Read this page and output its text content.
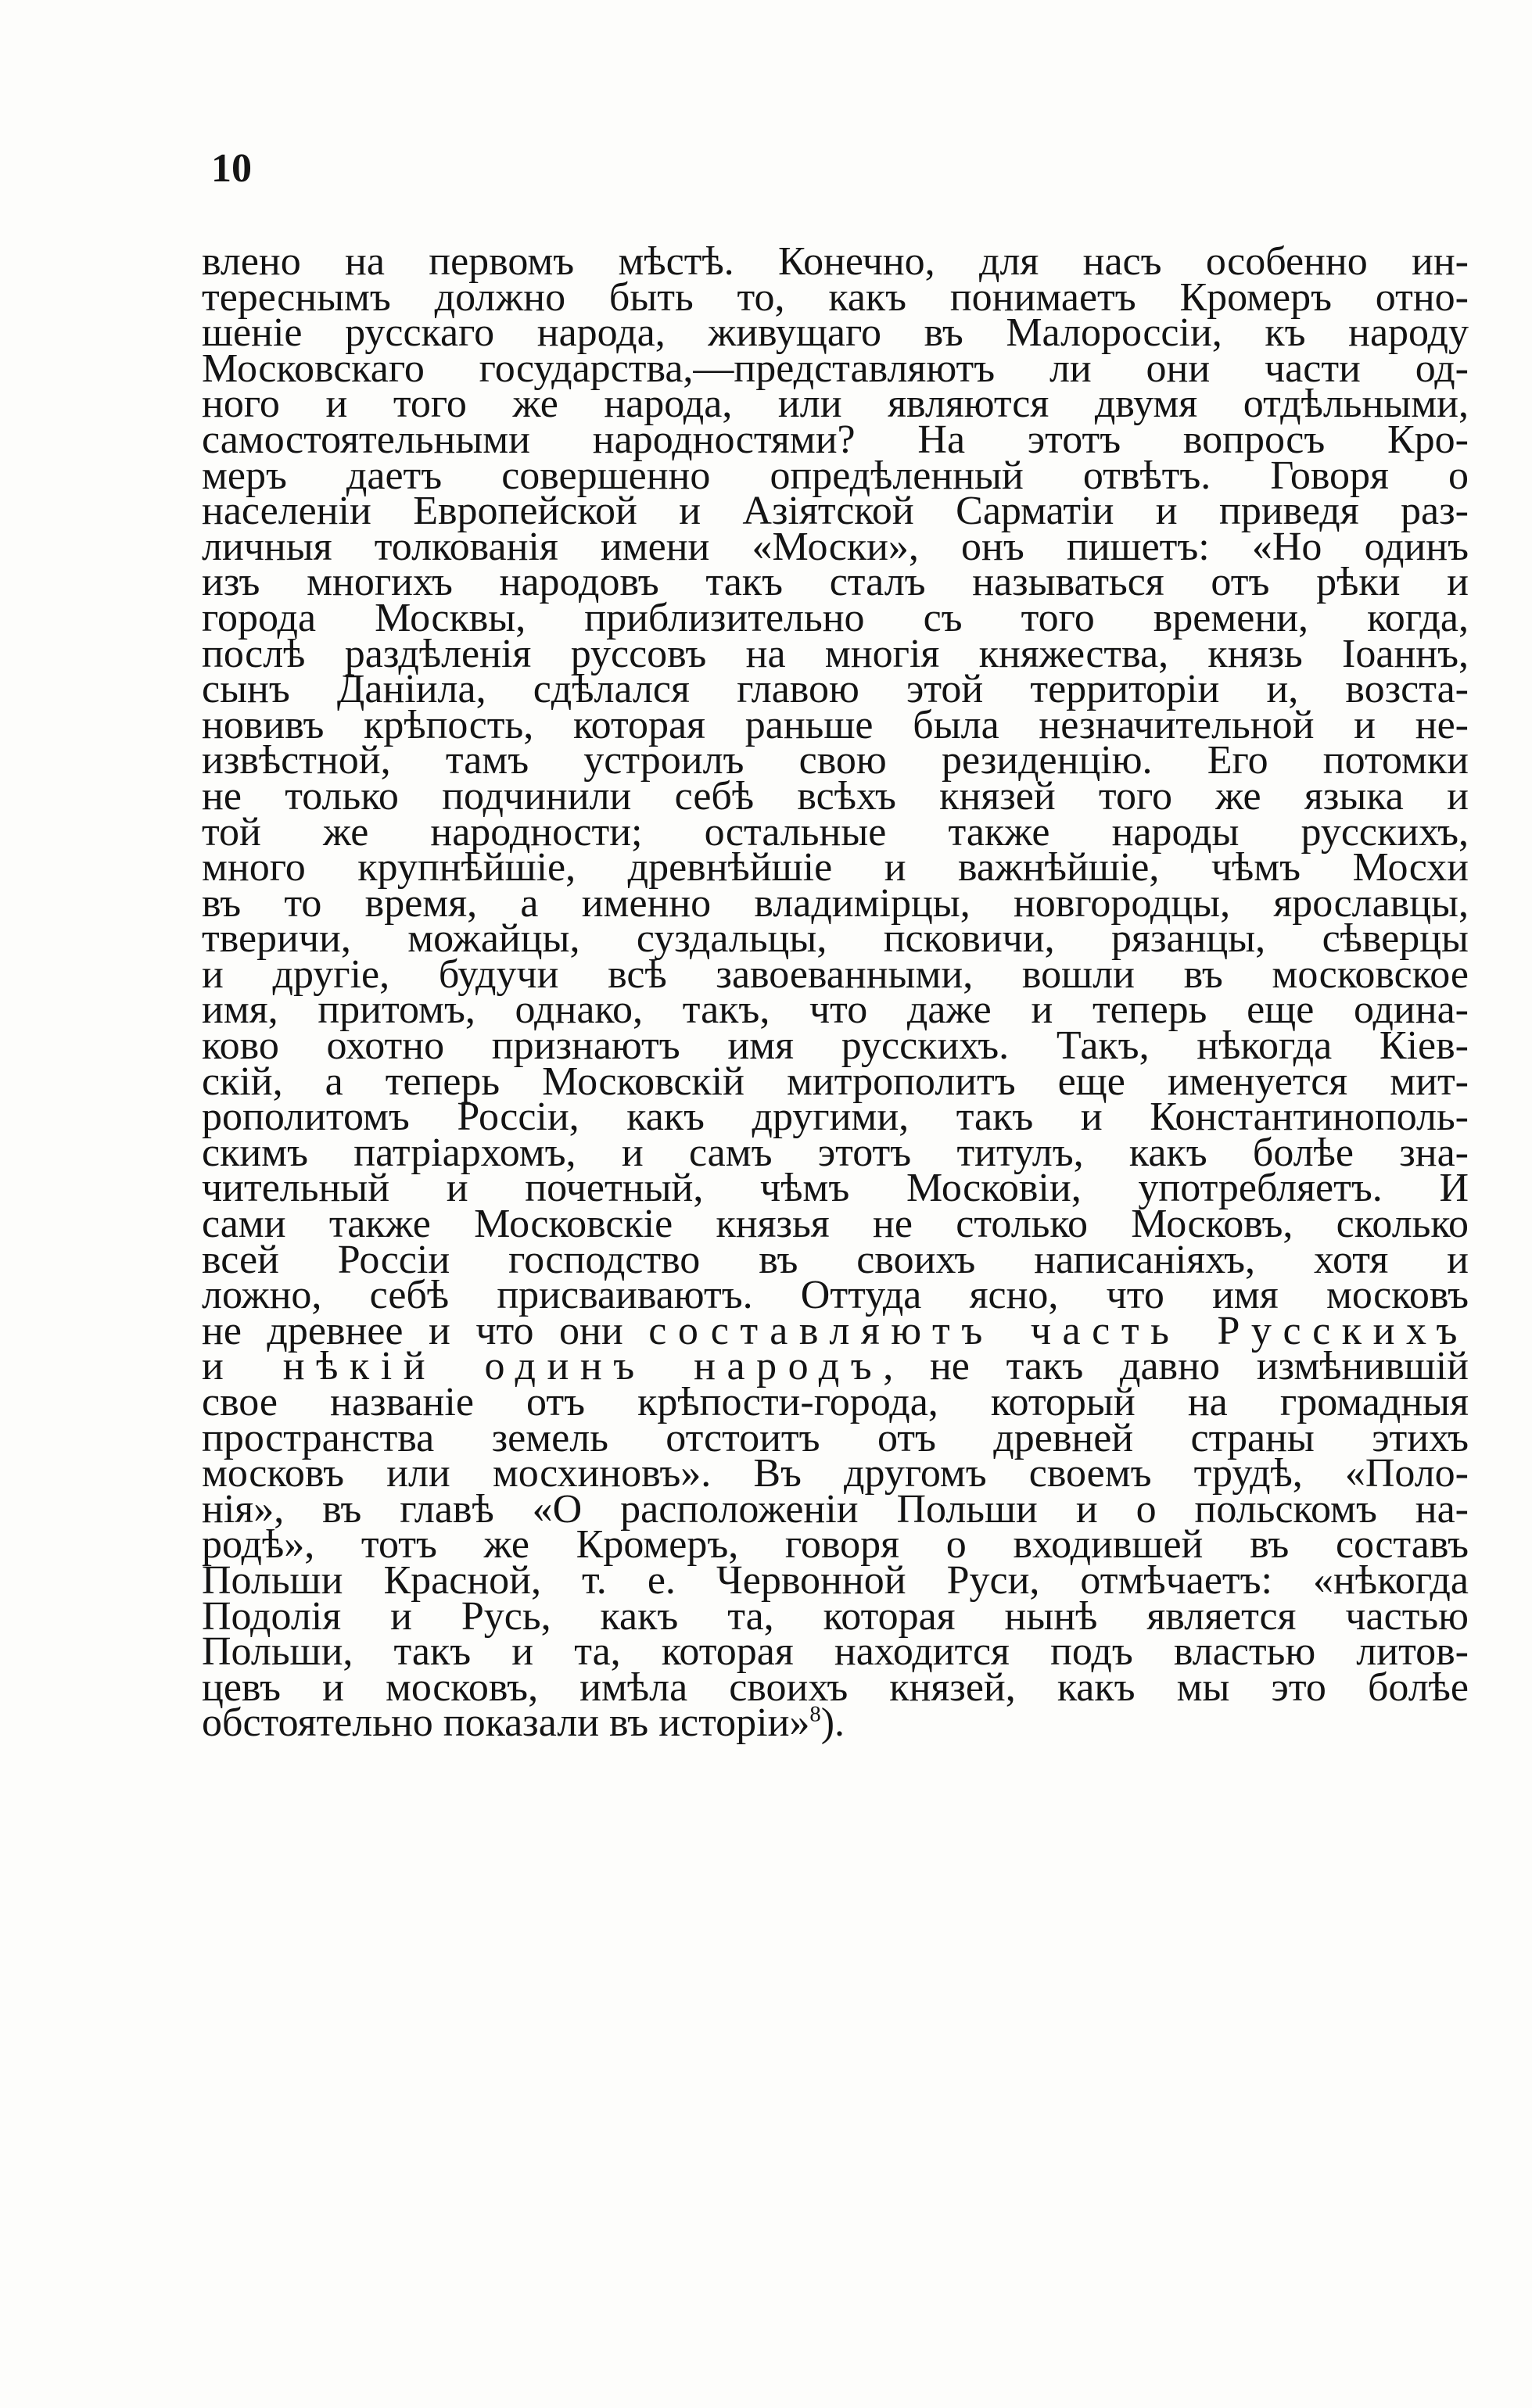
10
влено на первомъ мѣстѣ. Конечно, для насъ особенно ин-
тереснымъ должно быть то, какъ понимаетъ Кромеръ отно-
шеніе русскаго народа, живущаго въ Малороссіи, къ народу
Московскаго государства,—представляютъ ли они части од-
ного и того же народа, или являются двумя отдѣльными,
самостоятельными народностями? На этотъ вопросъ Кро-
меръ даетъ совершенно опредѣленный отвѣтъ. Говоря о
населеніи Европейской и Азіятской Сарматіи и приведя раз-
личныя толкованія имени «Моски», онъ пишетъ: «Но одинъ
изъ многихъ народовъ такъ сталъ называться отъ рѣки и
города Москвы, приблизительно съ того времени, когда,
послѣ раздѣленія руссовъ на многія княжества, князь Іоаннъ,
сынъ Даніила, сдѣлался главою этой территоріи и, возста-
новивъ крѣпость, которая раньше была незначительной и не-
извѣстной, тамъ устроилъ свою резиденцію. Его потомки
не только подчинили себѣ всѣхъ князей того же языка и
той же народности; остальные также народы русскихъ,
много крупнѣйшіе, древнѣйшіе и важнѣйшіе, чѣмъ Мосхи
въ то время, а именно владимірцы, новгородцы, ярославцы,
тверичи, можайцы, суздальцы, псковичи, рязанцы, сѣверцы
и другіе, будучи всѣ завоеванными, вошли въ московское
имя, притомъ, однако, такъ, что даже и теперь еще одина-
ково охотно признаютъ имя русскихъ. Такъ, нѣкогда Кіев-
скій, а теперь Московскій митрополитъ еще именуется мит-
рополитомъ Россіи, какъ другими, такъ и Константинополь-
скимъ патріархомъ, и самъ этотъ титулъ, какъ болѣе зна-
чительный и почетный, чѣмъ Московіи, употребляетъ. И
сами также Московскіе князья не столько Московъ, сколько
всей Россіи господство въ своихъ написаніяхъ, хотя и
ложно, себѣ присваиваютъ. Оттуда ясно, что имя московъ
не древнее и что они составляютъ часть Русскихъ
и нѣкій одинъ народъ, не такъ давно измѣнившій
свое названіе отъ крѣпости-города, который на громадныя
пространства земель отстоитъ отъ древней страны этихъ
московъ или мосхиновъ». Въ другомъ своемъ трудѣ, «Поло-
нія», въ главѣ «О расположеніи Польши и о польскомъ на-
родѣ», тотъ же Кромеръ, говоря о входившей въ составъ
Польши Красной, т. е. Червонной Руси, отмѣчаетъ: «нѣкогда
Подолія и Русь, какъ та, которая нынѣ является частью
Польши, такъ и та, которая находится подъ властью литов-
цевъ и московъ, имѣла своихъ князей, какъ мы это болѣе
обстоятельно показали въ исторіи»$^8$).
